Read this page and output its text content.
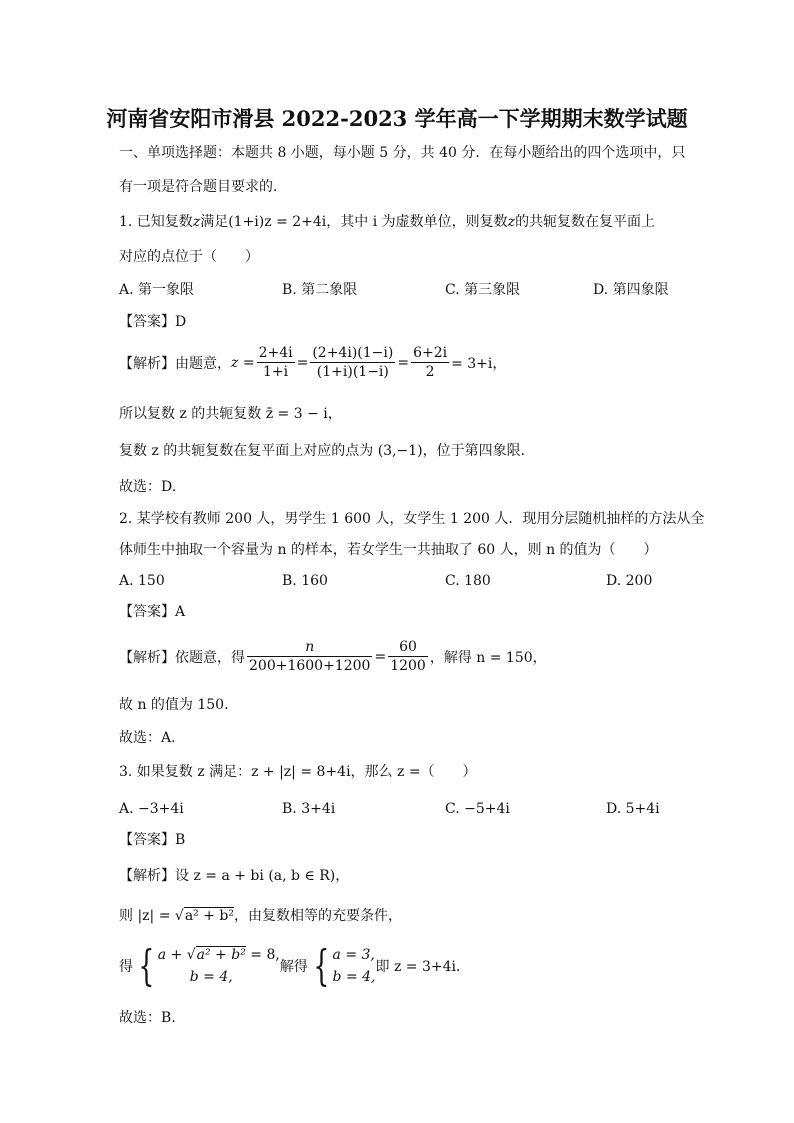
河南省安阳市滑县 2022-2023 学年高一下学期期末数学试题
一、单项选择题：本题共 8 小题，每小题 5 分，共 40 分．在每小题给出的四个选项中，只
有一项是符合题目要求的．
1. 已知复数z满足(1+i)z = 2+4i，其中 i 为虚数单位，则复数z的共轭复数在复平面上
对应的点位于（　　）
A. 第一象限	B. 第二象限	C. 第三象限	D. 第四象限
【答案】D
【解析】由题意， $z = \frac{2+4i}{1+i} = \frac{(2+4i)(1-i)}{(1+i)(1-i)} = \frac{6+2i}{2} = 3+i$，
所以复数 z 的共轭复数 z̄ = 3 − i，
复数 z 的共轭复数在复平面上对应的点为 (3,−1)，位于第四象限．
故选：D.
2. 某学校有教师 200 人，男学生 1 600 人，女学生 1 200 人．现用分层随机抽样的方法从全
体师生中抽取一个容量为 n 的样本，若女学生一共抽取了 60 人，则 n 的值为（　　）
A. 150	B. 160	C. 180	D. 200
【答案】A
【解析】依题意，得 $\frac{n}{200+1600+1200} = \frac{60}{1200}$ ，解得 n = 150，
故 n 的值为 150.
故选：A.
3. 如果复数 z 满足：z + |z| = 8+4i，那么 z =（　　）
A. −3+4i	B. 3+4i	C. −5+4i	D. 5+4i
【答案】B
【解析】设 z = a + bi (a, b ∈ R)，
则 |z| = √a² + b²，由复数相等的充要条件，
得 { a + √a² + b² = 8,
b = 4,
解得 { a = 3,
b = 4,
即 z = 3+4i．
故选：B.
